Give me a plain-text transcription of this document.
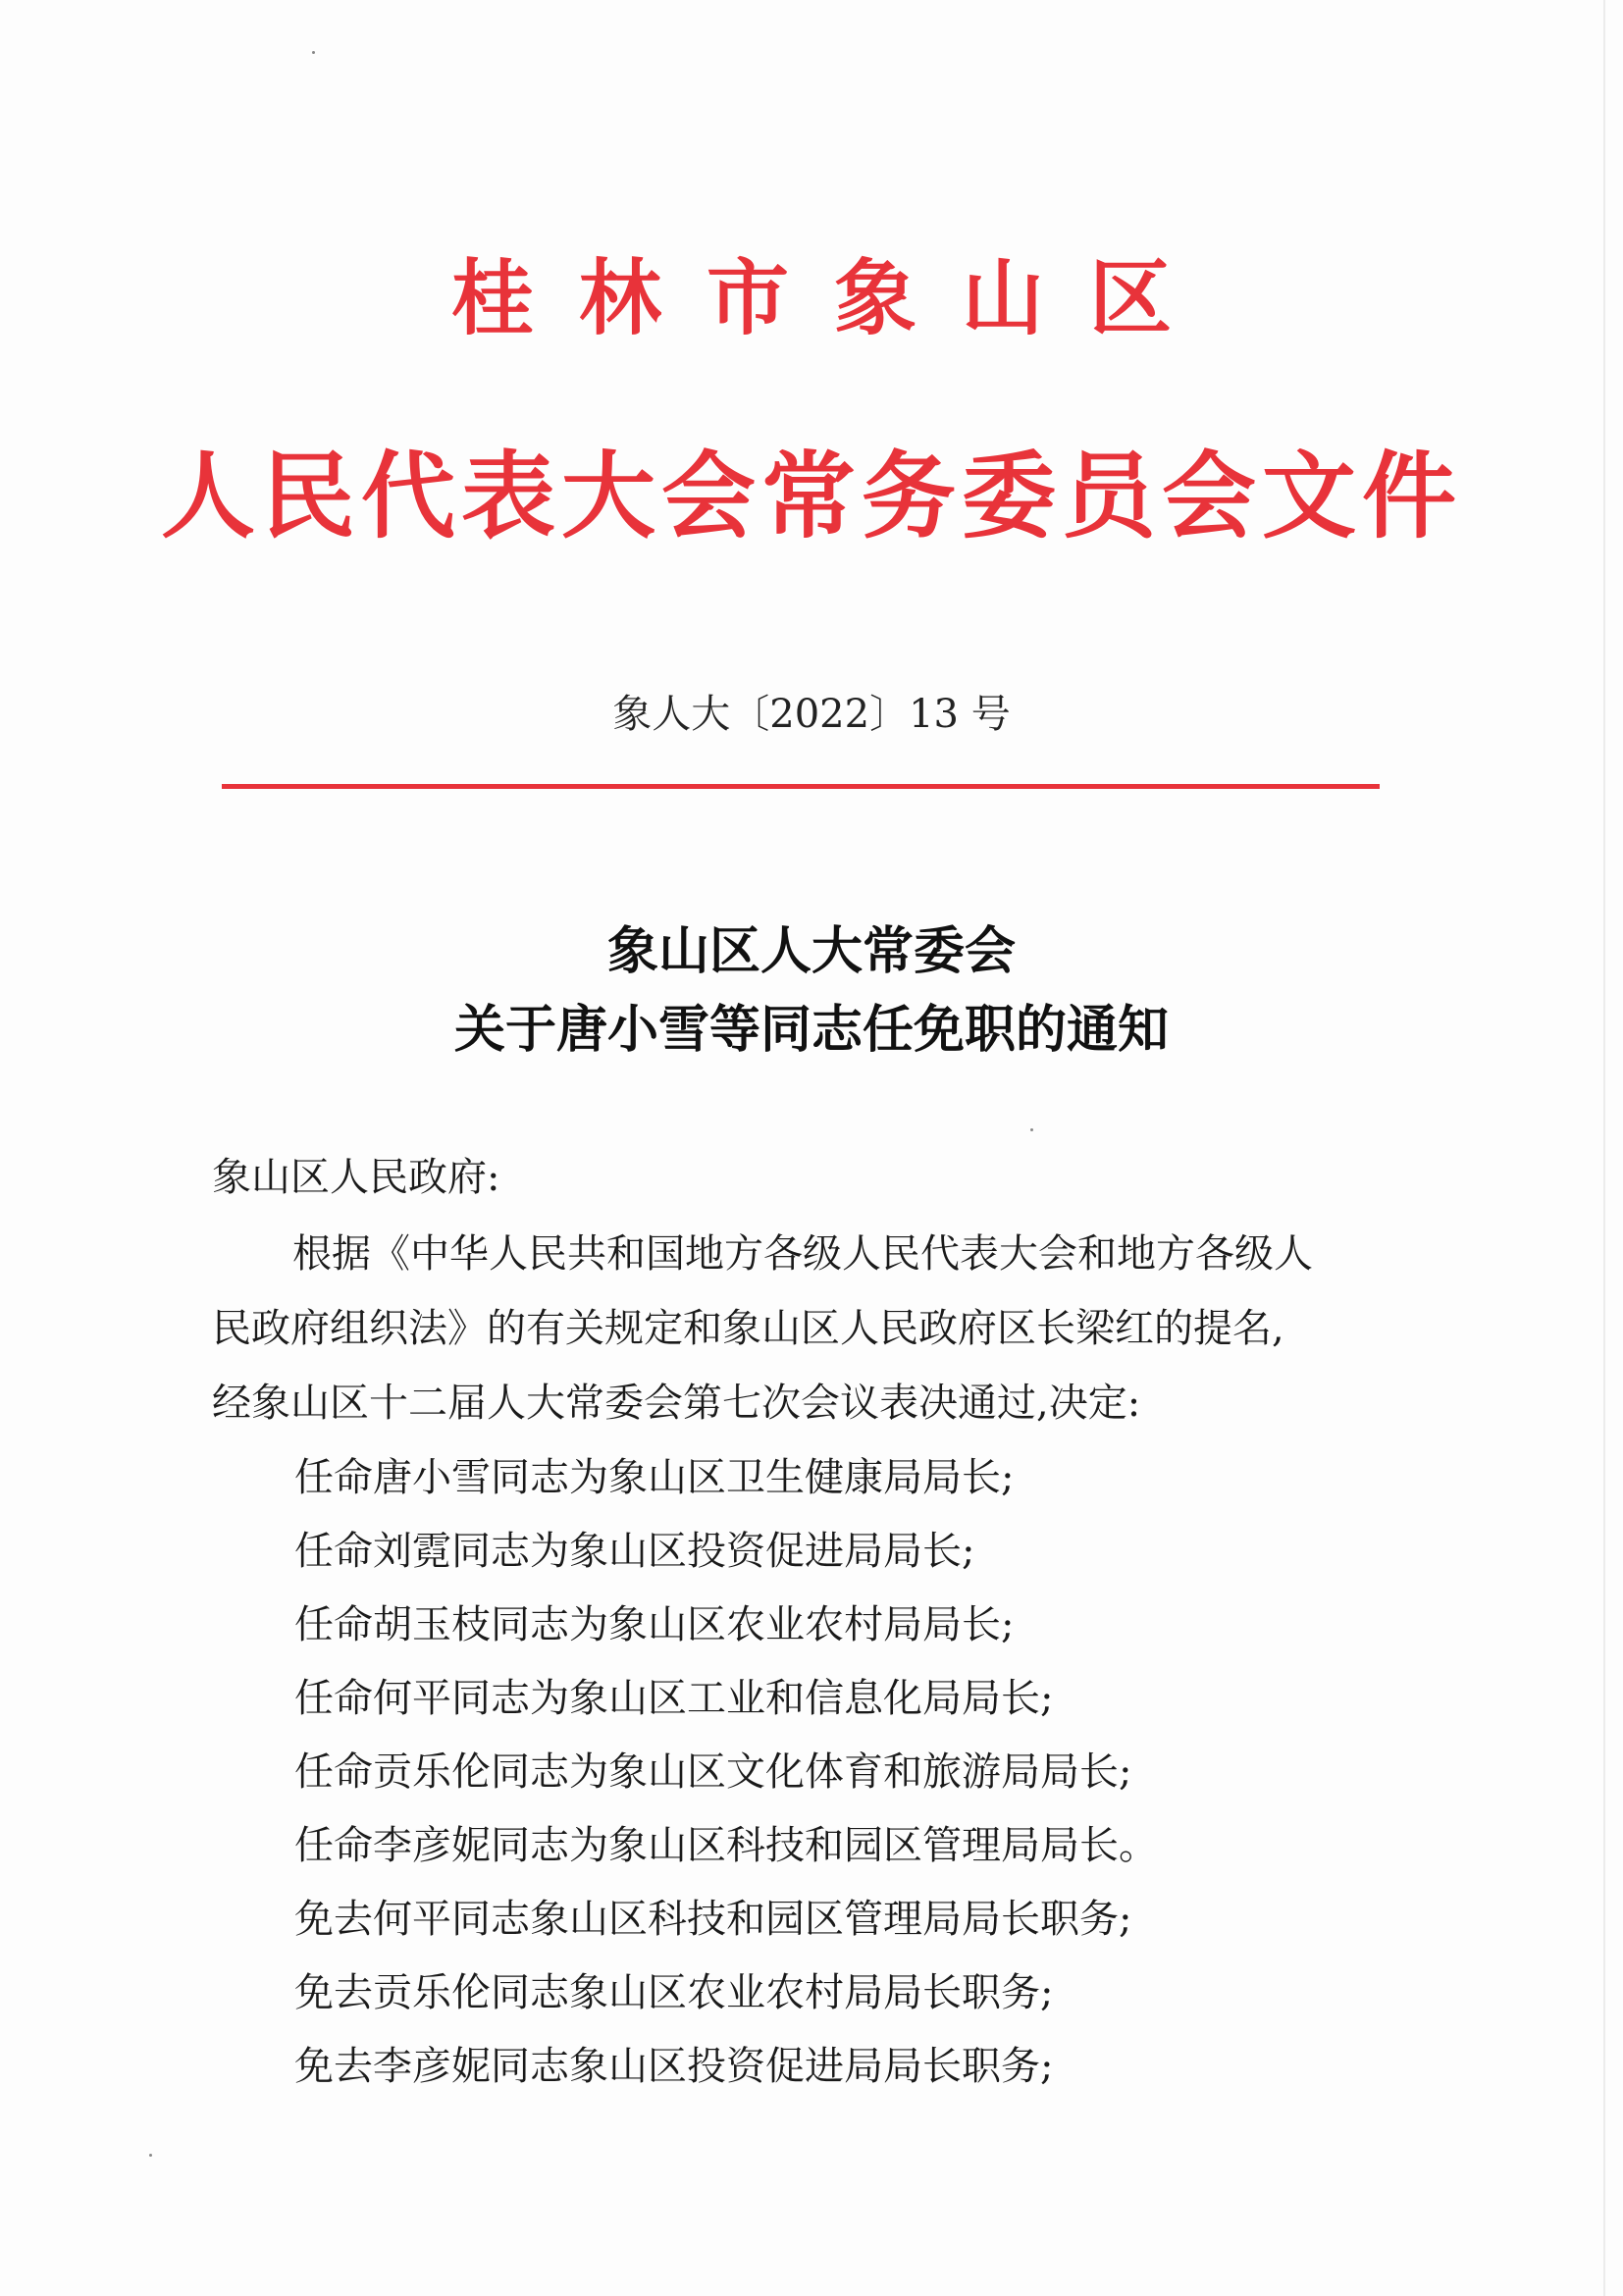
桂林市象山区
人民代表大会常务委员会文件
象人大〔2022〕13 号
象山区人大常委会
关于唐小雪等同志任免职的通知
象山区人民政府:
根据《中华人民共和国地方各级人民代表大会和地方各级人
民政府组织法》的有关规定和象山区人民政府区长梁红的提名,
经象山区十二届人大常委会第七次会议表决通过,决定:
任命唐小雪同志为象山区卫生健康局局长;
任命刘霓同志为象山区投资促进局局长;
任命胡玉枝同志为象山区农业农村局局长;
任命何平同志为象山区工业和信息化局局长;
任命贡乐伦同志为象山区文化体育和旅游局局长;
任命李彦妮同志为象山区科技和园区管理局局长。
免去何平同志象山区科技和园区管理局局长职务;
免去贡乐伦同志象山区农业农村局局长职务;
免去李彦妮同志象山区投资促进局局长职务;
